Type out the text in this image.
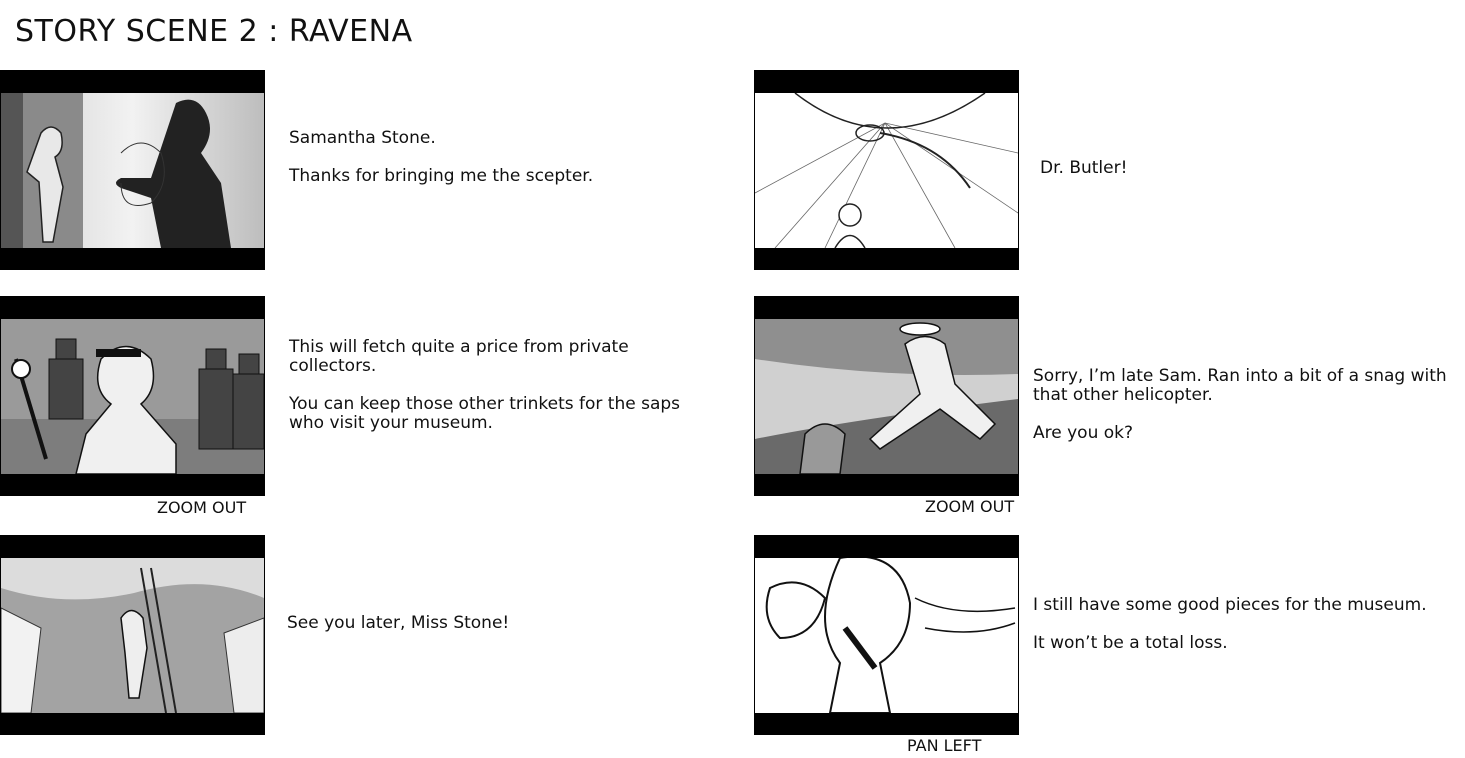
STORY SCENE 2 : RAVENA

Samantha Stone.

Thanks for bringing me the scepter.

This will fetch quite a price from private collectors.

You can keep those other trinkets for the saps who visit your museum.

ZOOM OUT

See you later, Miss Stone!

Dr. Butler!

Sorry, I’m late Sam. Ran into a bit of a snag with that other helicopter.

Are you ok?

ZOOM OUT

I still have some good pieces for the museum.

It won’t be a total loss.

PAN LEFT
